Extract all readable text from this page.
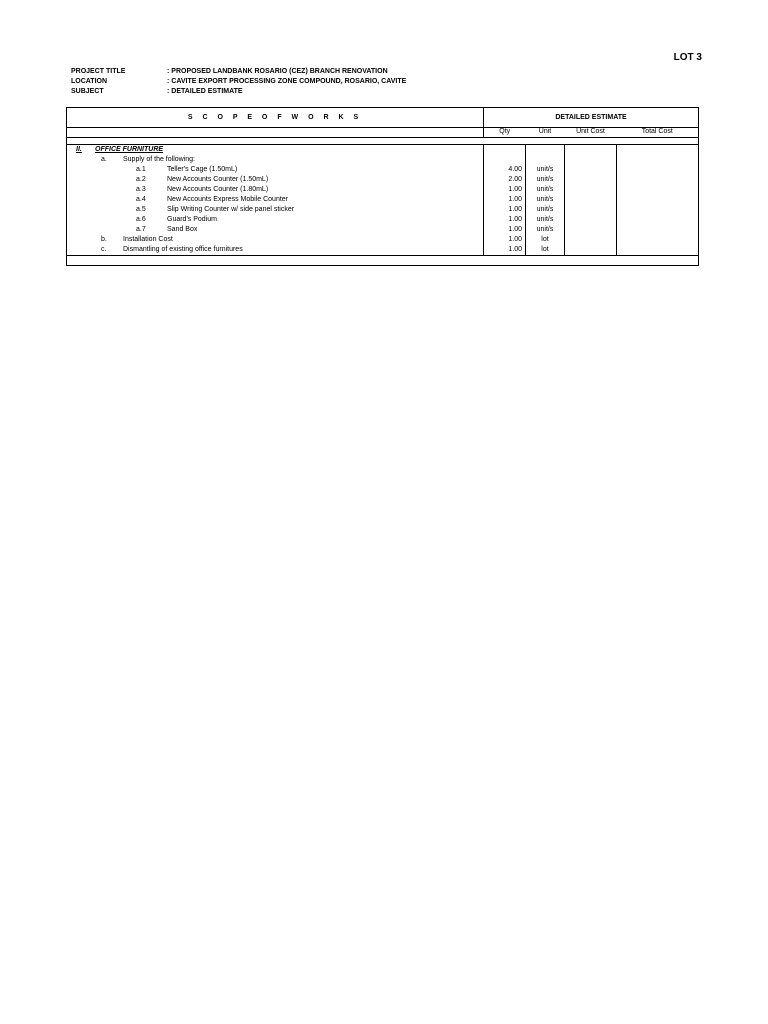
LOT 3
PROJECT TITLE	: PROPOSED LANDBANK ROSARIO (CEZ) BRANCH RENOVATION
LOCATION	: CAVITE EXPORT PROCESSING ZONE COMPOUND, ROSARIO, CAVITE
SUBJECT	: DETAILED ESTIMATE
S C O P E O F W O R K S	DETAILED ESTIMATE			
	Qty	Unit	Unit Cost	Total Cost

II. OFFICE FURNITURE				

a. Supply of the following:				

a.1 Teller's Cage (1.50mL)	4.00	unit/s		

a.2 New Accounts Counter (1.50mL)	2.00	unit/s		

a.3 New Accounts Counter (1.80mL)	1.00	unit/s		

a.4 New Accounts Express Mobile Counter	1.00	unit/s		

a.5 Slip Writing Counter w/ side panel sticker	1.00	unit/s		

a.6 Guard's Podium	1.00	unit/s		

a.7 Sand Box	1.00	unit/s		

b. Installation Cost	1.00	lot		

c. Dismantling of existing office furnitures	1.00	lot		
